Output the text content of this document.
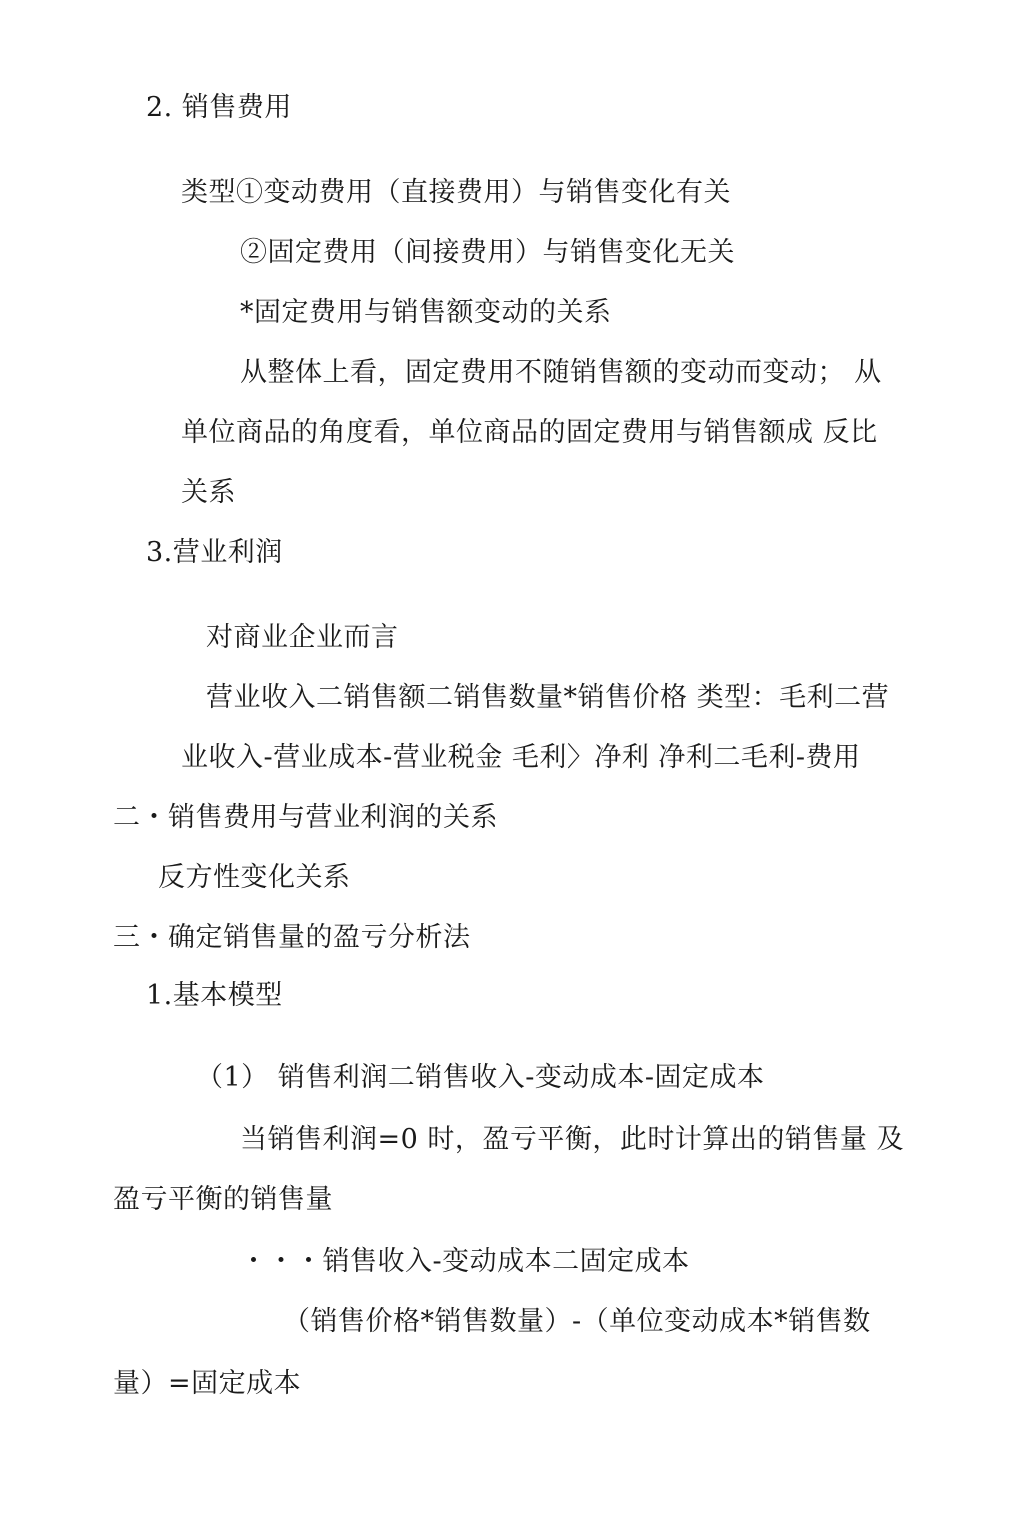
2. 销售费用
类型①变动费用（直接费用）与销售变化有关
②固定费用（间接费用）与销售变化无关
*固定费用与销售额变动的关系
从整体上看，固定费用不随销售额的变动而变动； 从
单位商品的角度看，单位商品的固定费用与销售额成 反比
关系
3.营业利润
对商业企业而言
营业收入二销售额二销售数量*销售价格 类型：毛利二营
业收入-营业成本-营业税金 毛利〉净利 净利二毛利-费用
二・销售费用与营业利润的关系
反方性变化关系
三・确定销售量的盈亏分析法
1.基本模型
（1） 销售利润二销售收入-变动成本-固定成本
当销售利润=0 时，盈亏平衡，此时计算出的销售量 及
盈亏平衡的销售量
・・・销售收入-变动成本二固定成本
（销售价格*销售数量）-（单位变动成本*销售数
量）=固定成本
